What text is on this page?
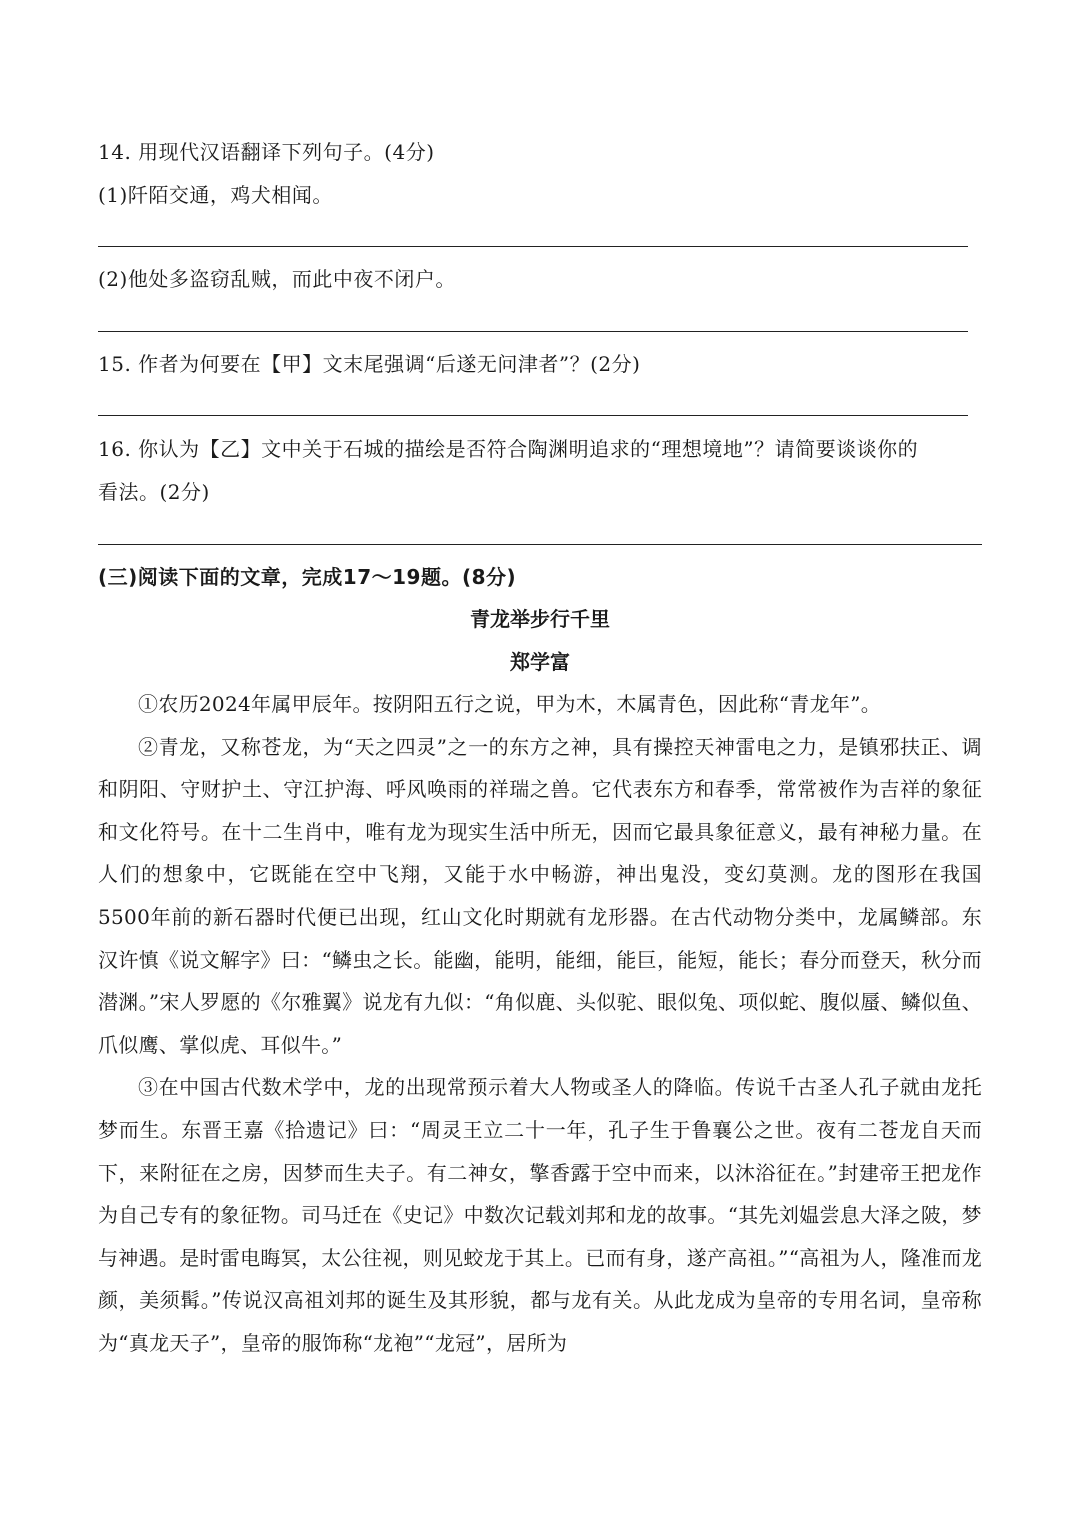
14. 用现代汉语翻译下列句子。(4分)
(1)阡陌交通，鸡犬相闻。
(2)他处多盗窃乱贼，而此中夜不闭户。
15. 作者为何要在【甲】文末尾强调“后遂无问津者”？(2分)
16. 你认为【乙】文中关于石城的描绘是否符合陶渊明追求的“理想境地”？请简要谈谈你的
看法。(2分)
(三)阅读下面的文章，完成17～19题。(8分)
青龙举步行千里
郑学富

①农历2024年属甲辰年。按阴阳五行之说，甲为木，木属青色，因此称“青龙年”。

②青龙，又称苍龙，为“天之四灵”之一的东方之神，具有操控天神雷电之力，是镇邪扶正、调和阴阳、守财护土、守江护海、呼风唤雨的祥瑞之兽。它代表东方和春季，常常被作为吉祥的象征和文化符号。在十二生肖中，唯有龙为现实生活中所无，因而它最具象征意义，最有神秘力量。在人们的想象中，它既能在空中飞翔，又能于水中畅游，神出鬼没，变幻莫测。龙的图形在我国5500年前的新石器时代便已出现，红山文化时期就有龙形器。在古代动物分类中，龙属鳞部。东汉许慎《说文解字》曰：“鳞虫之长。能幽，能明，能细，能巨，能短，能长；春分而登天，秋分而潜渊。”宋人罗愿的《尔雅翼》说龙有九似：“角似鹿、头似驼、眼似兔、项似蛇、腹似蜃、鳞似鱼、爪似鹰、掌似虎、耳似牛。”

③在中国古代数术学中，龙的出现常预示着大人物或圣人的降临。传说千古圣人孔子就由龙托梦而生。东晋王嘉《拾遗记》曰：“周灵王立二十一年，孔子生于鲁襄公之世。夜有二苍龙自天而下，来附征在之房，因梦而生夫子。有二神女，擎香露于空中而来，以沐浴征在。”封建帝王把龙作为自己专有的象征物。司马迁在《史记》中数次记载刘邦和龙的故事。“其先刘媪尝息大泽之陂，梦与神遇。是时雷电晦冥，太公往视，则见蛟龙于其上。已而有身，遂产高祖。”“高祖为人，隆准而龙颜，美须髯。”传说汉高祖刘邦的诞生及其形貌，都与龙有关。从此龙成为皇帝的专用名词，皇帝称为“真龙天子”，皇帝的服饰称“龙袍”“龙冠”，居所为
